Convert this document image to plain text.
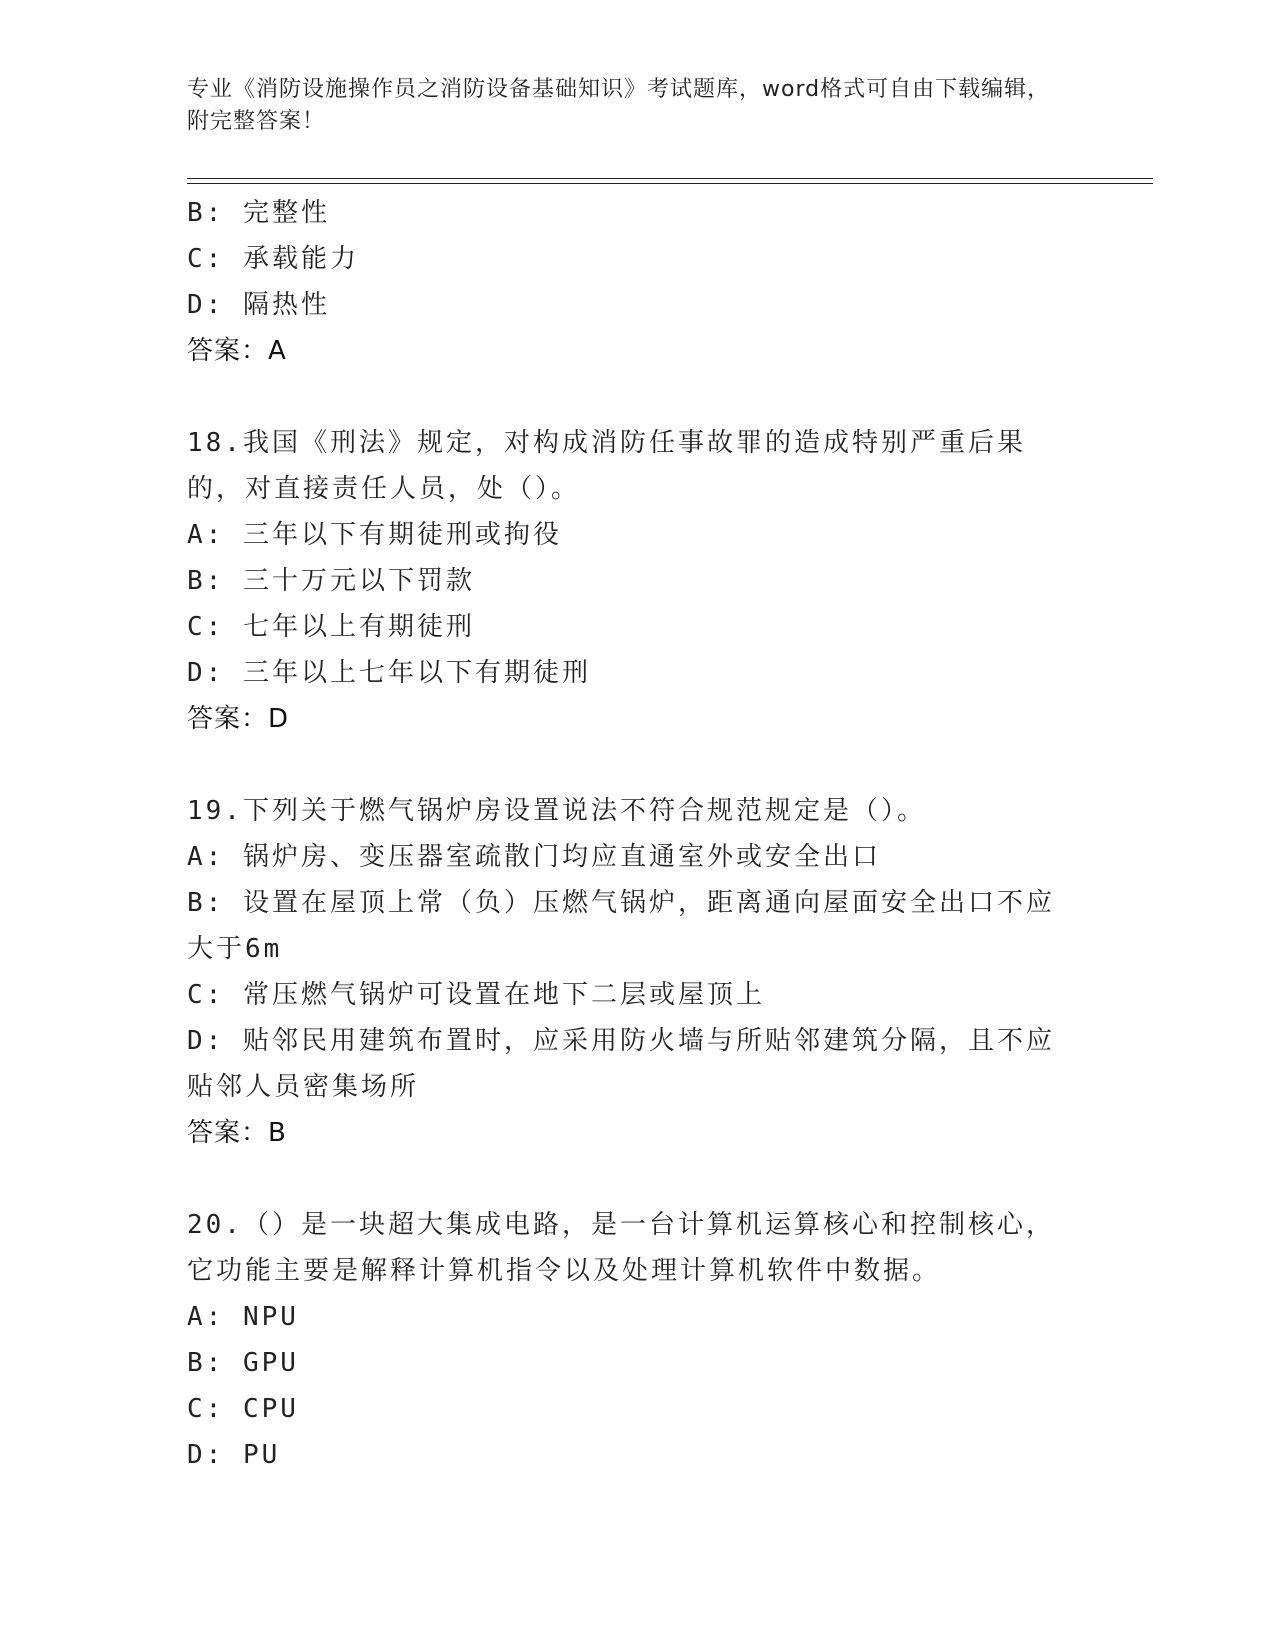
专业《消防设施操作员之消防设备基础知识》考试题库，word格式可自由下载编辑，附完整答案！
B: 完整性
C: 承载能力
D: 隔热性
答案：A
18.我国《刑法》规定，对构成消防任事故罪的造成特别严重后果的，对直接责任人员，处（）。
A: 三年以下有期徒刑或拘役
B: 三十万元以下罚款
C: 七年以上有期徒刑
D: 三年以上七年以下有期徒刑
答案：D
19.下列关于燃气锅炉房设置说法不符合规范规定是（）。
A: 锅炉房、变压器室疏散门均应直通室外或安全出口
B: 设置在屋顶上常（负）压燃气锅炉，距离通向屋面安全出口不应大于6m
C: 常压燃气锅炉可设置在地下二层或屋顶上
D: 贴邻民用建筑布置时，应采用防火墙与所贴邻建筑分隔，且不应贴邻人员密集场所
答案：B
20.（）是一块超大集成电路，是一台计算机运算核心和控制核心，它功能主要是解释计算机指令以及处理计算机软件中数据。
A: NPU
B: GPU
C: CPU
D: PU
